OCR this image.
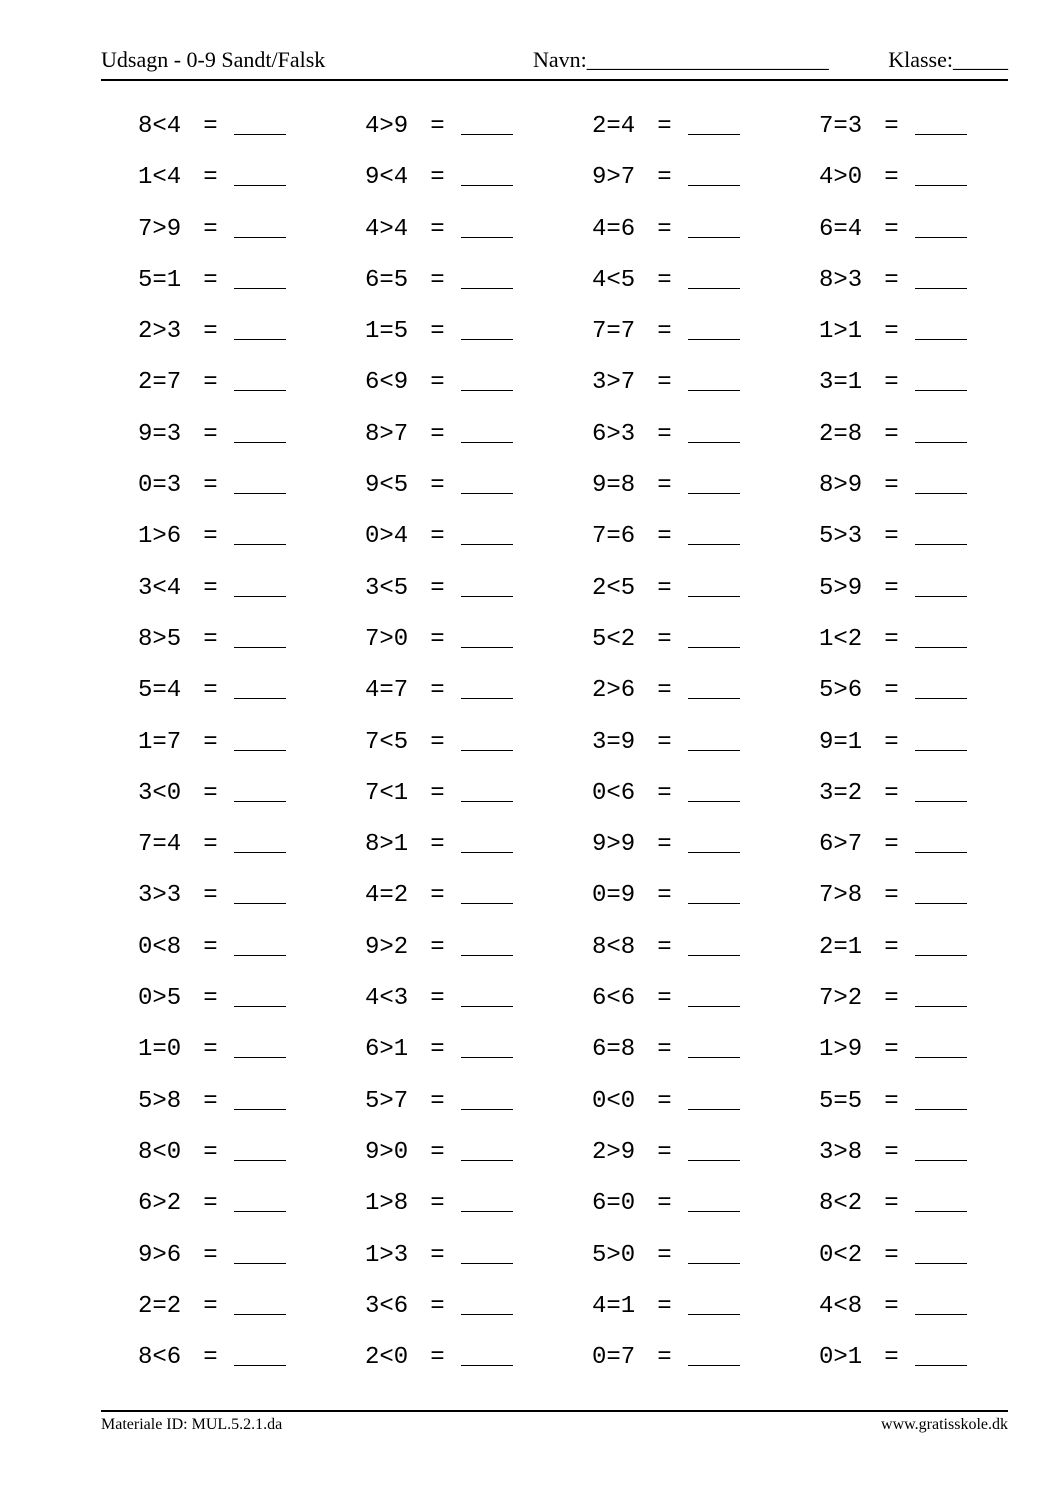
Udsagn - 0-9 Sandt/Falsk	Navn:______________________	Klasse:_____
8<4 =	4>9 =	2=4 =	7=3 =
1<4 =	9<4 =	9>7 =	4>0 =
7>9 =	4>4 =	4=6 =	6=4 =
5=1 =	6=5 =	4<5 =	8>3 =
2>3 =	1=5 =	7=7 =	1>1 =
2=7 =	6<9 =	3>7 =	3=1 =
9=3 =	8>7 =	6>3 =	2=8 =
0=3 =	9<5 =	9=8 =	8>9 =
1>6 =	0>4 =	7=6 =	5>3 =
3<4 =	3<5 =	2<5 =	5>9 =
8>5 =	7>0 =	5<2 =	1<2 =
5=4 =	4=7 =	2>6 =	5>6 =
1=7 =	7<5 =	3=9 =	9=1 =
3<0 =	7<1 =	0<6 =	3=2 =
7=4 =	8>1 =	9>9 =	6>7 =
3>3 =	4=2 =	0=9 =	7>8 =
0<8 =	9>2 =	8<8 =	2=1 =
0>5 =	4<3 =	6<6 =	7>2 =
1=0 =	6>1 =	6=8 =	1>9 =
5>8 =	5>7 =	0<0 =	5=5 =
8<0 =	9>0 =	2>9 =	3>8 =
6>2 =	1>8 =	6=0 =	8<2 =
9>6 =	1>3 =	5>0 =	0<2 =
2=2 =	3<6 =	4=1 =	4<8 =
8<6 =	2<0 =	0=7 =	0>1 =
Materiale ID: MUL.5.2.1.da	www.gratisskole.dk
